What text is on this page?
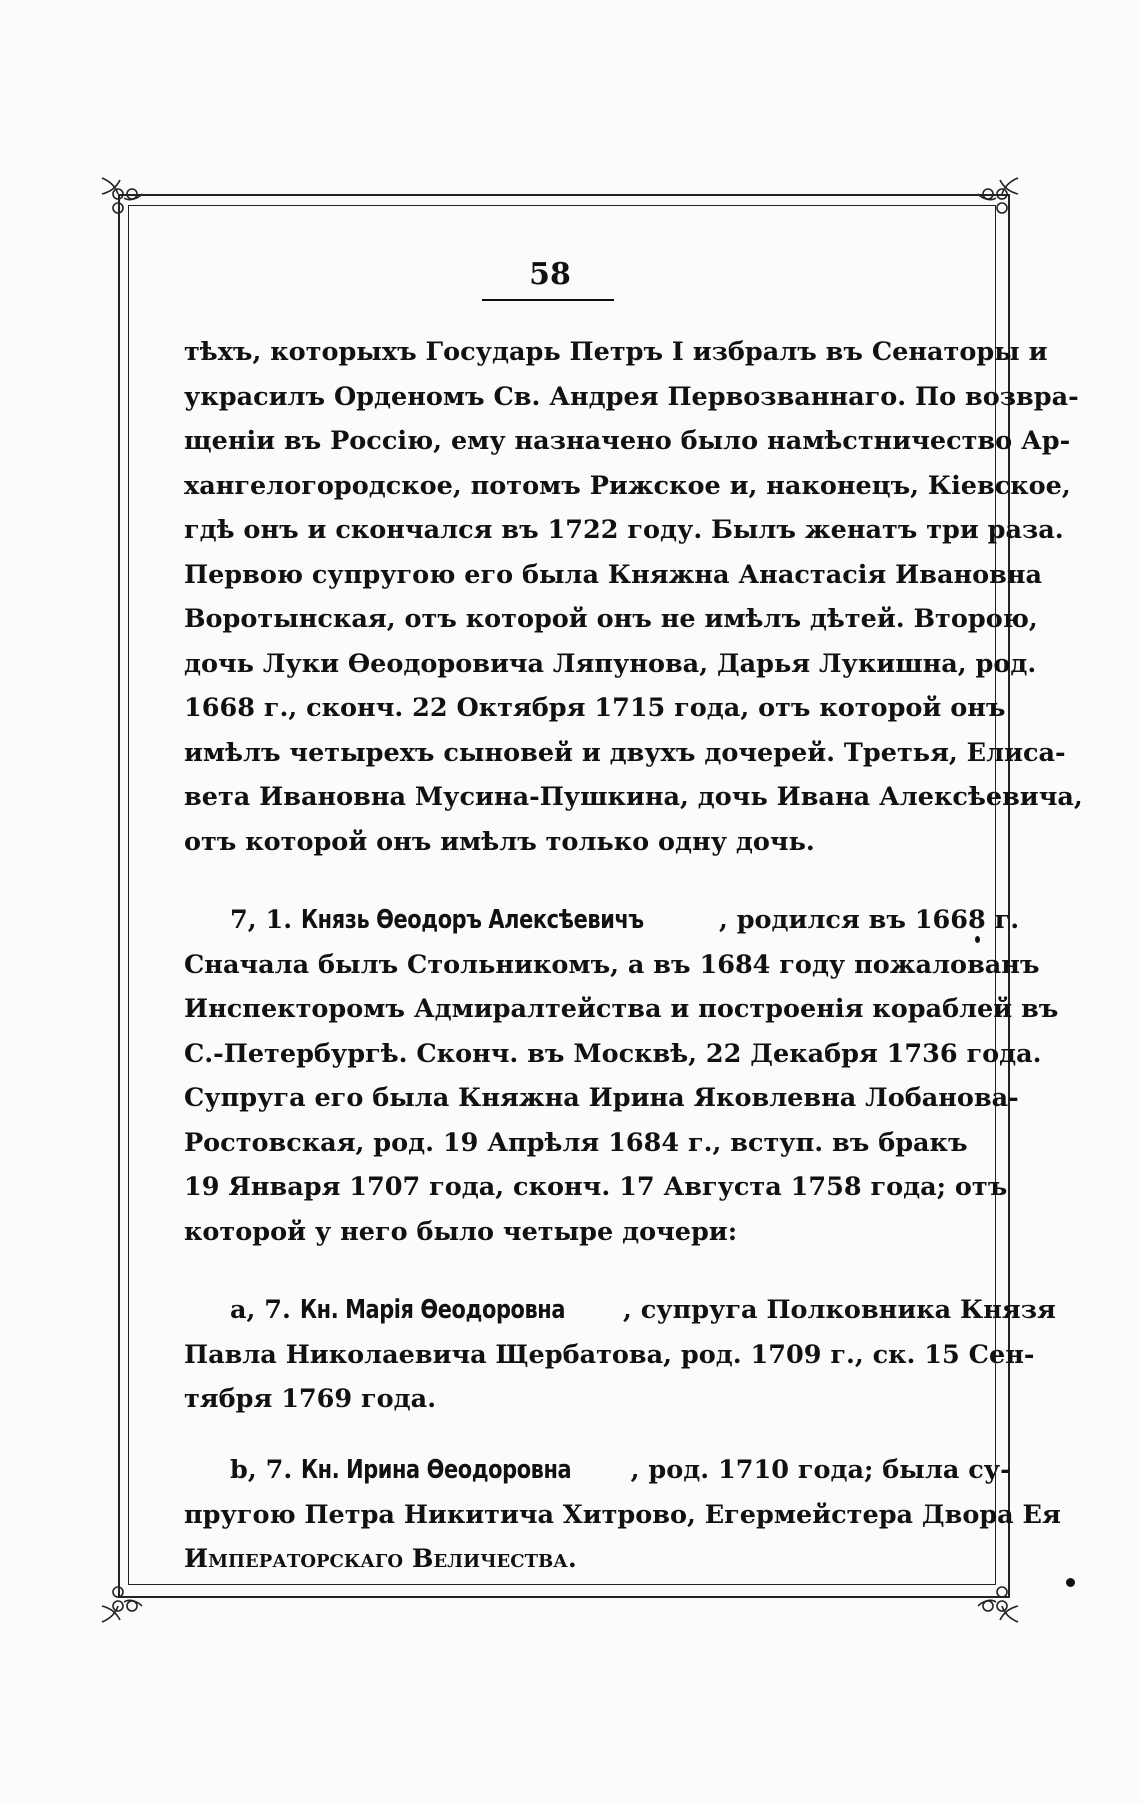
58
тѣхъ, которыхъ Государь Петръ I избралъ въ Сенаторы и
украсилъ Орденомъ Св. Андрея Первозваннаго. По возвра-
щеніи въ Россію, ему назначено было намѣстничество Ар-
хангелогородское, потомъ Рижское и, наконецъ, Кіевское,
гдѣ онъ и скончался въ 1722 году. Былъ женатъ три раза.
Первою супругою его была Княжна Анастасія Ивановна
Воротынская, отъ которой онъ не имѣлъ дѣтей. Второю,
дочь Луки Өеодоровича Ляпунова, Дарья Лукишна, род.
1668 г., сконч. 22 Октября 1715 года, отъ которой онъ
имѣлъ четырехъ сыновей и двухъ дочерей. Третья, Елиса-
вета Ивановна Мусина-Пушкина, дочь Ивана Алексѣевича,
отъ которой онъ имѣлъ только одну дочь.
7, 1. Князь Өеодоръ Алексѣевичъ	, родился въ 1668 г.
Сначала былъ Стольникомъ, а въ 1684 году пожалованъ
Инспекторомъ Адмиралтейства и построенія кораблей въ
С.-Петербургѣ. Сконч. въ Москвѣ, 22 Декабря 1736 года.
Супруга его была Княжна Ирина Яковлевна Лобанова-
Ростовская, род. 19 Апрѣля 1684 г., вступ. въ бракъ
19 Января 1707 года, сконч. 17 Августа 1758 года; отъ
которой у него было четыре дочери:
a, 7. Кн. Марія Өеодоровна , супруга Полковника Князя
Павла Николаевича Щербатова, род. 1709 г., ск. 15 Сен-
тября 1769 года.
b, 7. Кн. Ирина Өеодоровна , род. 1710 года; была су-
пругою Петра Никитича Хитрово, Егермейстера Двора Ея
Императорскаго Величества.
